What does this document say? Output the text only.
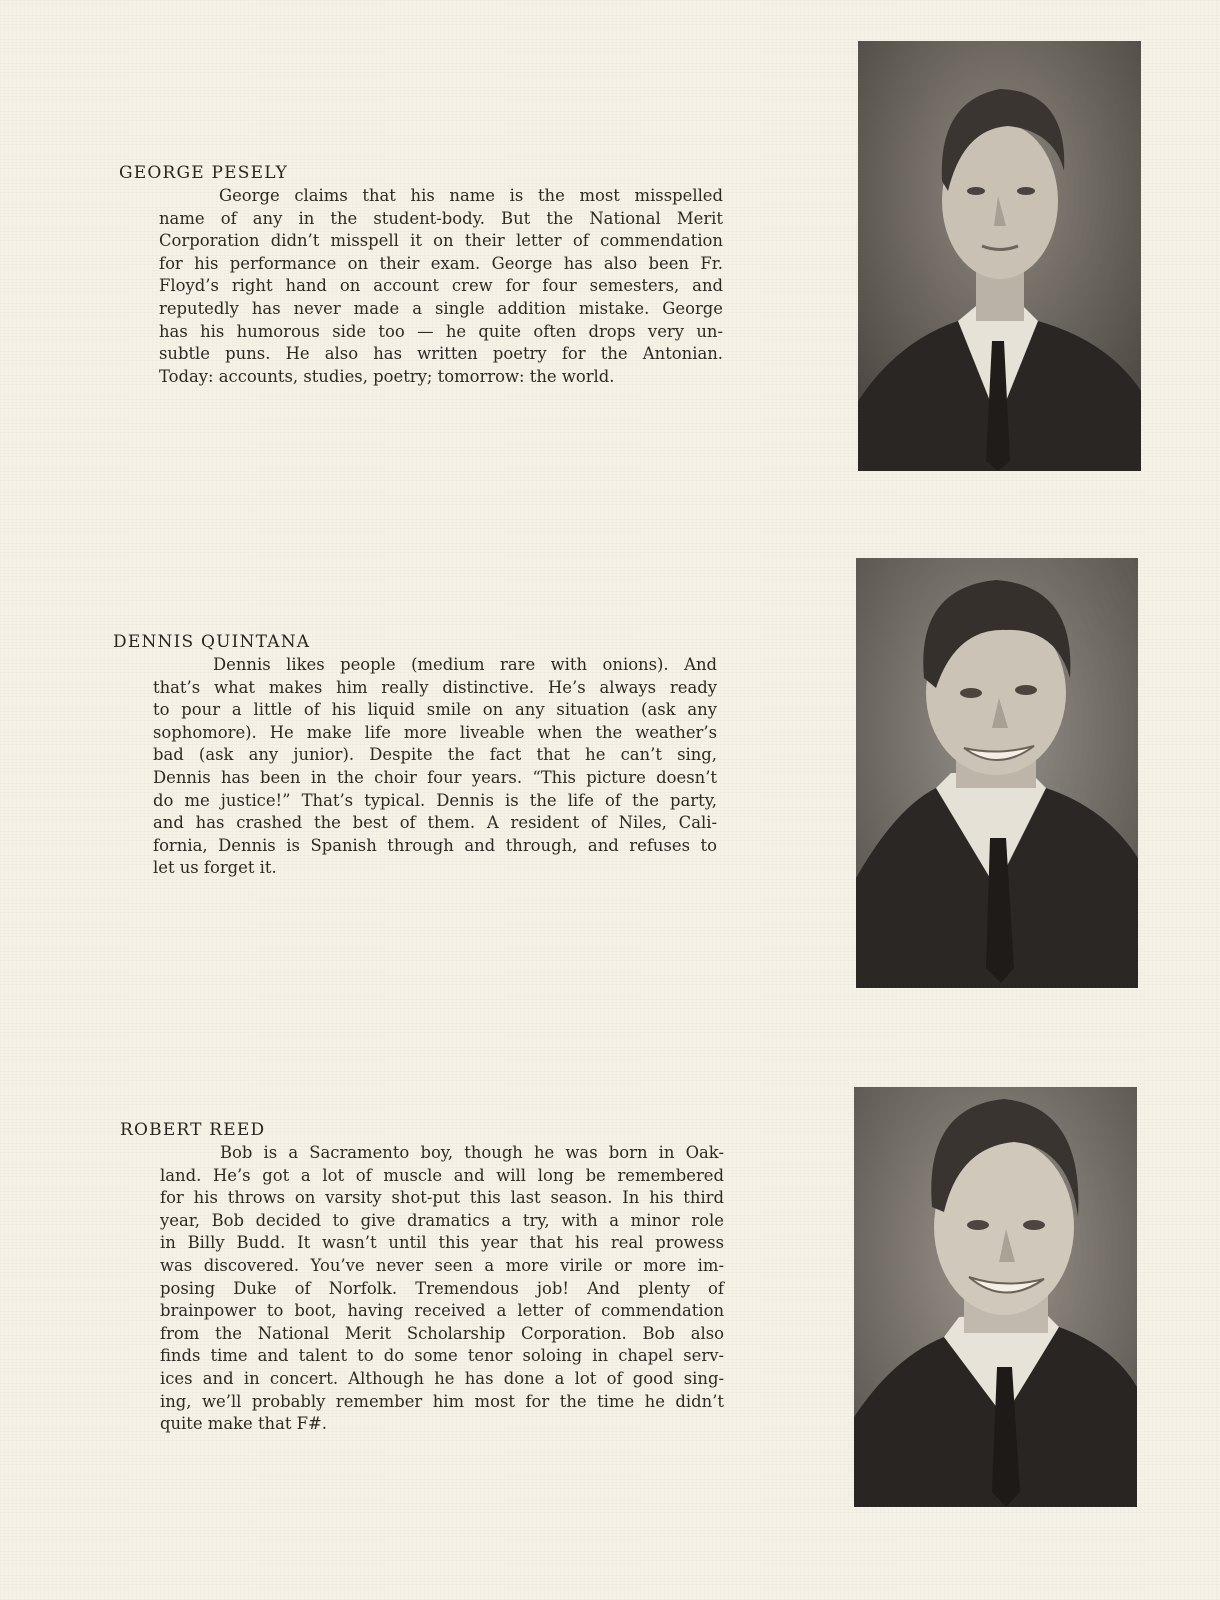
GEORGE PESELY
George claims that his name is the most misspelled
name of any in the student-body. But the National Merit
Corporation didn’t misspell it on their letter of commendation
for his performance on their exam. George has also been Fr.
Floyd’s right hand on account crew for four semesters, and
reputedly has never made a single addition mistake. George
has his humorous side too — he quite often drops very un-
subtle puns. He also has written poetry for the Antonian.
Today: accounts, studies, poetry; tomorrow: the world.
DENNIS QUINTANA
Dennis likes people (medium rare with onions). And
that’s what makes him really distinctive. He’s always ready
to pour a little of his liquid smile on any situation (ask any
sophomore). He make life more liveable when the weather’s
bad (ask any junior). Despite the fact that he can’t sing,
Dennis has been in the choir four years. “This picture doesn’t
do me justice!” That’s typical. Dennis is the life of the party,
and has crashed the best of them. A resident of Niles, Cali-
fornia, Dennis is Spanish through and through, and refuses to
let us forget it.
ROBERT REED
Bob is a Sacramento boy, though he was born in Oak-
land. He’s got a lot of muscle and will long be remembered
for his throws on varsity shot-put this last season. In his third
year, Bob decided to give dramatics a try, with a minor role
in Billy Budd. It wasn’t until this year that his real prowess
was discovered. You’ve never seen a more virile or more im-
posing Duke of Norfolk. Tremendous job! And plenty of
brainpower to boot, having received a letter of commendation
from the National Merit Scholarship Corporation. Bob also
finds time and talent to do some tenor soloing in chapel serv-
ices and in concert. Although he has done a lot of good sing-
ing, we’ll probably remember him most for the time he didn’t
quite make that F#.
